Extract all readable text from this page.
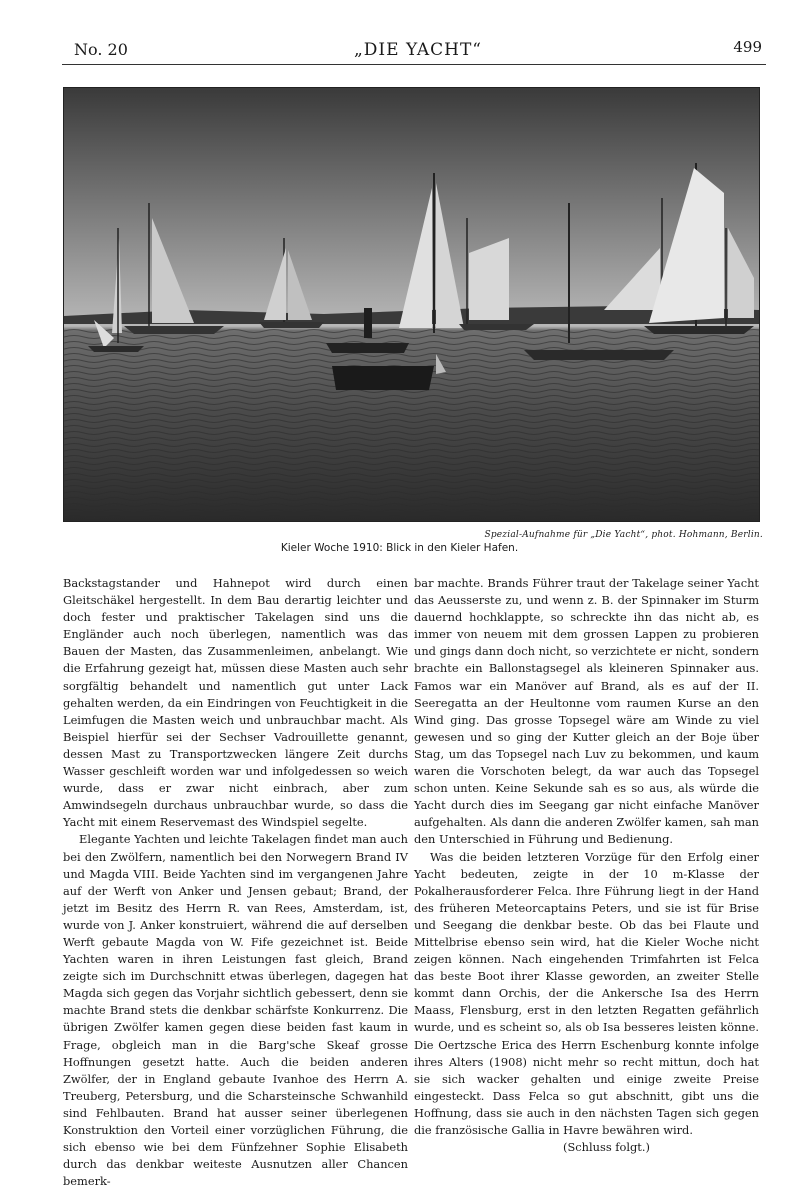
No. 20	„DIE YACHT“	499
Spezial-Aufnahme für „Die Yacht“, phot. Hohmann, Berlin.
Kieler Woche 1910: Blick in den Kieler Hafen.

Backstagstander und Hahnepot wird durch einen Gleitschäkel hergestellt. In dem Bau derartig leichter und doch fester und praktischer Takelagen sind uns die Engländer auch noch überlegen, namentlich was das Bauen der Masten, das Zusammenleimen, anbelangt. Wie die Erfahrung gezeigt hat, müssen diese Masten auch sehr sorgfältig behandelt und namentlich gut unter Lack gehalten werden, da ein Eindringen von Feuchtigkeit in die Leimfugen die Masten weich und unbrauchbar macht. Als Beispiel hierfür sei der Sechser Vadrouillette genannt, dessen Mast zu Transportzwecken längere Zeit durchs Wasser geschleift worden war und infolgedessen so weich wurde, dass er zwar nicht einbrach, aber zum Amwindsegeln durchaus unbrauchbar wurde, so dass die Yacht mit einem Reservemast des Windspiel segelte.

Elegante Yachten und leichte Takelagen findet man auch bei den Zwölfern, namentlich bei den Norwegern Brand IV und Magda VIII. Beide Yachten sind im vergangenen Jahre auf der Werft von Anker und Jensen gebaut; Brand, der jetzt im Besitz des Herrn R. van Rees, Amsterdam, ist, wurde von J. Anker konstruiert, während die auf derselben Werft gebaute Magda von W. Fife gezeichnet ist. Beide Yachten waren in ihren Leistungen fast gleich, Brand zeigte sich im Durchschnitt etwas überlegen, dagegen hat Magda sich gegen das Vorjahr sichtlich gebessert, denn sie machte Brand stets die denkbar schärfste Konkurrenz. Die übrigen Zwölfer kamen gegen diese beiden fast kaum in Frage, obgleich man in die Barg'sche Skeaf grosse Hoffnungen gesetzt hatte. Auch die beiden anderen Zwölfer, der in England gebaute Ivanhoe des Herrn A. Treuberg, Petersburg, und die Scharsteinsche Schwanhild sind Fehlbauten. Brand hat ausser seiner überlegenen Konstruktion den Vorteil einer vorzüglichen Führung, die sich ebenso wie bei dem Fünfzehner Sophie Elisabeth durch das denkbar weiteste Ausnutzen aller Chancen bemerk-

bar machte. Brands Führer traut der Takelage seiner Yacht das Aeusserste zu, und wenn z. B. der Spinnaker im Sturm dauernd hochklappte, so schreckte ihn das nicht ab, es immer von neuem mit dem grossen Lappen zu probieren und gings dann doch nicht, so verzichtete er nicht, sondern brachte ein Ballonstagsegel als kleineren Spinnaker aus. Famos war ein Manöver auf Brand, als es auf der II. Seeregatta an der Heultonne vom raumen Kurse an den Wind ging. Das grosse Topsegel wäre am Winde zu viel gewesen und so ging der Kutter gleich an der Boje über Stag, um das Topsegel nach Luv zu bekommen, und kaum waren die Vorschoten belegt, da war auch das Topsegel schon unten. Keine Sekunde sah es so aus, als würde die Yacht durch dies im Seegang gar nicht einfache Manöver aufgehalten. Als dann die anderen Zwölfer kamen, sah man den Unterschied in Führung und Bedienung.

Was die beiden letzteren Vorzüge für den Erfolg einer Yacht bedeuten, zeigte in der 10 m-Klasse der Pokalherausforderer Felca. Ihre Führung liegt in der Hand des früheren Meteorcaptains Peters, und sie ist für Brise und Seegang die denkbar beste. Ob das bei Flaute und Mittelbrise ebenso sein wird, hat die Kieler Woche nicht zeigen können. Nach eingehenden Trimfahrten ist Felca das beste Boot ihrer Klasse geworden, an zweiter Stelle kommt dann Orchis, der die Ankersche Isa des Herrn Maass, Flensburg, erst in den letzten Regatten gefährlich wurde, und es scheint so, als ob Isa besseres leisten könne. Die Oertzsche Erica des Herrn Eschenburg konnte infolge ihres Alters (1908) nicht mehr so recht mittun, doch hat sie sich wacker gehalten und einige zweite Preise eingesteckt. Dass Felca so gut abschnitt, gibt uns die Hoffnung, dass sie auch in den nächsten Tagen sich gegen die französische Gallia in Havre bewähren wird.

(Schluss folgt.)
